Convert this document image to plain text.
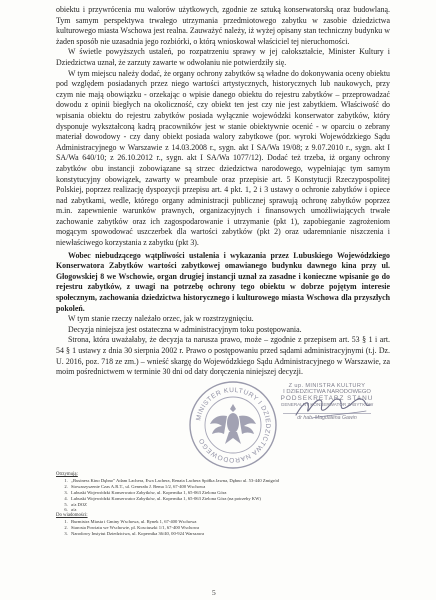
obiektu i przywrócenia mu walorów użytkowych, zgodnie ze sztuką konserwatorską oraz budowlaną. Tym samym perspektywa trwałego utrzymania przedmiotowego zabytku w zasobie dziedzictwa kulturowego miasta Wschowa jest realna. Zauważyć należy, iż wyżej opisany stan techniczny budynku w żaden sposób nie uzasadnia jego rozbiórki, o którą wnioskował właściciel tej nieruchomości.

W świetle powyższych ustaleń, po rozpatrzeniu sprawy w jej całokształcie, Minister Kultury i Dziedzictwa uznał, że zarzuty zawarte w odwołaniu nie potwierdziły się.

W tym miejscu należy dodać, że organy ochrony zabytków są władne do dokonywania oceny obiektu pod względem posiadanych przez niego wartości artystycznych, historycznych lub naukowych, przy czym nie mają obowiązku - orzekając o wpisie danego obiektu do rejestru zabytków – przeprowadzać dowodu z opinii biegłych na okoliczność, czy obiekt ten jest czy nie jest zabytkiem. Właściwość do wpisania obiektu do rejestru zabytków posiada wyłącznie wojewódzki konserwator zabytków, który dysponuje wykształconą kadrą pracowników jest w stanie obiektywnie ocenić - w oparciu o zebrany materiał dowodowy - czy dany obiekt posiada walory zabytkowe (por. wyroki Wojewódzkiego Sądu Administracyjnego w Warszawie z 14.03.2008 r., sygn. akt I SA/Wa 19/08; z 9.07.2010 r., sygn. akt I SA/Wa 640/10; z 26.10.2012 r., sygn. akt I SA/Wa 1077/12). Dodać też trzeba, iż organy ochrony zabytków obu instancji zobowiązane są strzec dziedzictwa narodowego, wypełniając tym samym konstytucyjny obowiązek, zawarty w preambule oraz przepisie art. 5 Konstytucji Rzeczypospolitej Polskiej, poprzez realizację dyspozycji przepisu art. 4 pkt. 1, 2 i 3 ustawy o ochronie zabytków i opiece nad zabytkami, wedle, którego organy administracji publicznej sprawują ochronę zabytków poprzez m.in. zapewnienie warunków prawnych, organizacyjnych i finansowych umożliwiających trwałe zachowanie zabytków oraz ich zagospodarowanie i utrzymanie (pkt 1), zapobieganie zagrożeniom mogącym spowodować uszczerbek dla wartości zabytków (pkt 2) oraz udaremnianie niszczenia i niewłaściwego korzystania z zabytku (pkt 3).

Wobec niebudzącego wątpliwości ustalenia i wykazania przez Lubuskiego Wojewódzkiego Konserwatora Zabytków wartości zabytkowej omawianego budynku dawnego kina przy ul. Głogowskiej 8 we Wschowie, organ drugiej instancji uznał za zasadne i konieczne wpisanie go do rejestru zabytków, z uwagi na potrzebę ochrony tego obiektu w dobrze pojętym interesie społecznym, zachowania dziedzictwa historycznego i kulturowego miasta Wschowa dla przyszłych pokoleń.

W tym stanie rzeczy należało orzec, jak w rozstrzygnięciu.

Decyzja niniejsza jest ostateczna w administracyjnym toku postępowania.

Strona, która uważałaby, że decyzja ta narusza prawo, może – zgodnie z przepisem art. 53 § 1 i art. 54 § 1 ustawy z dnia 30 sierpnia 2002 r. Prawo o postępowaniu przed sądami administracyjnymi (t.j. Dz. U. 2016, poz. 718 ze zm.) – wnieść skargę do Wojewódzkiego Sądu Administracyjnego w Warszawie, za moim pośrednictwem w terminie 30 dni od daty doręczenia niniejszej decyzji.

MINISTER KULTURY I DZIEDZICTWA NARODOWEGO
Z up. MINISTRA KULTURY
I DZIEDZICTWA NARODOWEGO
PODSEKRETARZ STANU
GENERALNY KONSERWATOR ZABYTKÓW
dr hab. Magdalena Gawin
Otrzymują:
1. „Business Kino Dębno” Adam Lachera, Ewa Lachera, Renata Lachera Spółka Jawna, Dębno ul. 53-440 Zmigród
2. Stowarzyszenie Czas A.R.T., ul. Generała J. Bema 1/2, 67-400 Wschowa
3. Lubuski Wojewódzki Konserwator Zabytków, ul. Kopernika 1, 65-063 Zielona Góra
4. Lubuski Wojewódzki Konserwator Zabytków, ul. Kopernika 1, 65-063 Zielona Góra (na potrzeby KW)
5. a/a DOZ
6. a/a
Do wiadomości:
1. Burmistrz Miasta i Gminy Wschowa, ul. Rynek 1, 67-400 Wschowa
2. Starosta Powiatu we Wschowie, pl. Kosciuszki 1/1, 67-400 Wschowa
3. Narodowy Instytut Dziedzictwa, ul. Kopernika 36/40, 00-924 Warszawa
5
